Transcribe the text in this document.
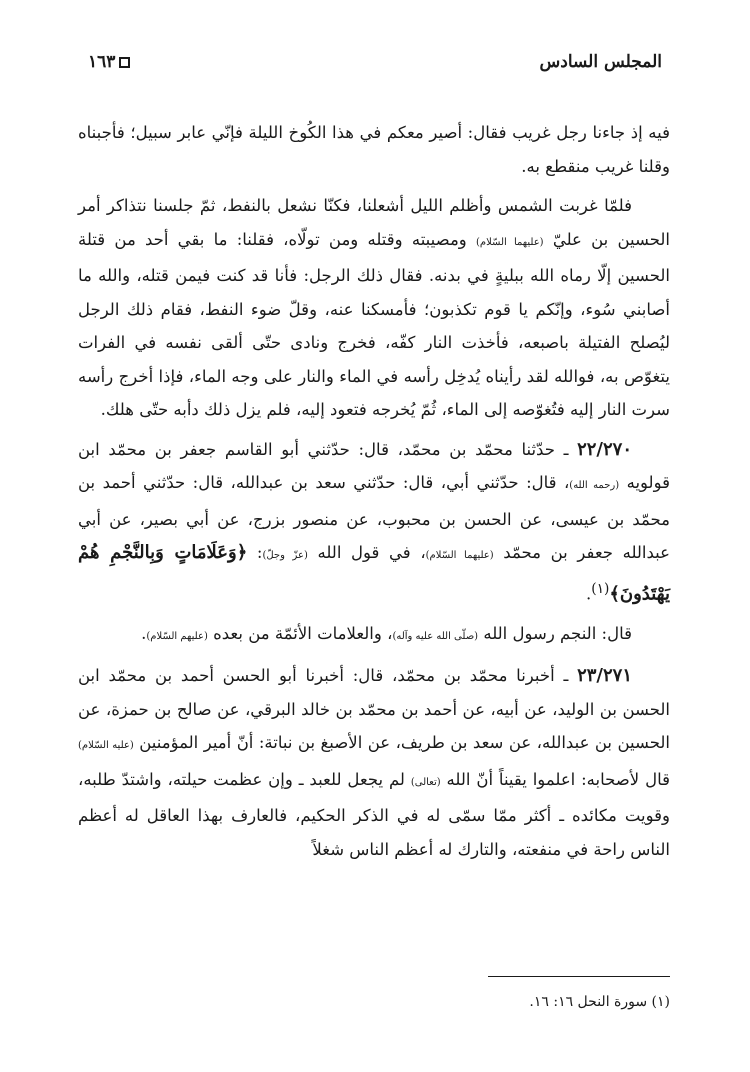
المجلس السادس
١٦٣

فيه إذ جاءنا رجل غريب فقال: أصير معكم في هذا الكُوخ الليلة فإنّي عابر سبيل؛ فأجبناه وقلنا غريب منقطع به.

فلمّا غربت الشمس وأظلم الليل أشعلنا، فكنّا نشعل بالنفط، ثمّ جلسنا نتذاكر أمر الحسين بن عليّ (عليهما السّلام) ومصيبته وقتله ومن تولّاه، فقلنا: ما بقي أحد من قتلة الحسين إلّا رماه الله ببليةٍ في بدنه. فقال ذلك الرجل: فأنا قد كنت فيمن قتله، والله ما أصابني سُوء، وإنّكم يا قوم تكذبون؛ فأمسكنا عنه، وقلّ ضوء النفط، فقام ذلك الرجل ليُصلح الفتيلة باصبعه، فأخذت النار كفّه، فخرج ونادى حتّى ألقى نفسه في الفرات يتغوّص به، فوالله لقد رأيناه يُدخِل رأسه في الماء والنار على وجه الماء، فإذا أخرج رأسه سرت النار إليه فتُغوّصه إلى الماء، ثُمّ يُخرجه فتعود إليه، فلم يزل ذلك دأبه حتّى هلك.

٢٢/٢٧٠ ـ حدّثنا محمّد بن محمّد، قال: حدّثني أبو القاسم جعفر بن محمّد ابن قولويه (رحمه الله)، قال: حدّثني أبي، قال: حدّثني سعد بن عبدالله، قال: حدّثني أحمد بن محمّد بن عيسى، عن الحسن بن محبوب، عن منصور بزرج، عن أبي بصير، عن أبي عبدالله جعفر بن محمّد (عليهما السّلام)، في قول الله (عزّ وجلّ): ﴿وَعَلَامَاتٍ وَبِالنَّجْمِ هُمْ يَهْتَدُونَ﴾$^{(١)}$.

قال: النجم رسول الله (صلّى الله عليه وآله)، والعلامات الأئمّة من بعده (عليهم السّلام).

٢٣/٢٧١ ـ أخبرنا محمّد بن محمّد، قال: أخبرنا أبو الحسن أحمد بن محمّد ابن الحسن بن الوليد، عن أبيه، عن أحمد بن محمّد بن خالد البرقي، عن صالح بن حمزة، عن الحسين بن عبدالله، عن سعد بن طريف، عن الأصبغ بن نباتة: أنّ أمير المؤمنين (عليه السّلام) قال لأصحابه: اعلموا يقيناً أنّ الله (تعالى) لم يجعل للعبد ـ وإن عظمت حيلته، واشتدّ طلبه، وقويت مكائده ـ أكثر ممّا سمّى له في الذكر الحكيم، فالعارف بهذا العاقل له أعظم الناس راحة في منفعته، والتارك له أعظم الناس شغلاً

(١) سورة النحل ١٦: ١٦.
